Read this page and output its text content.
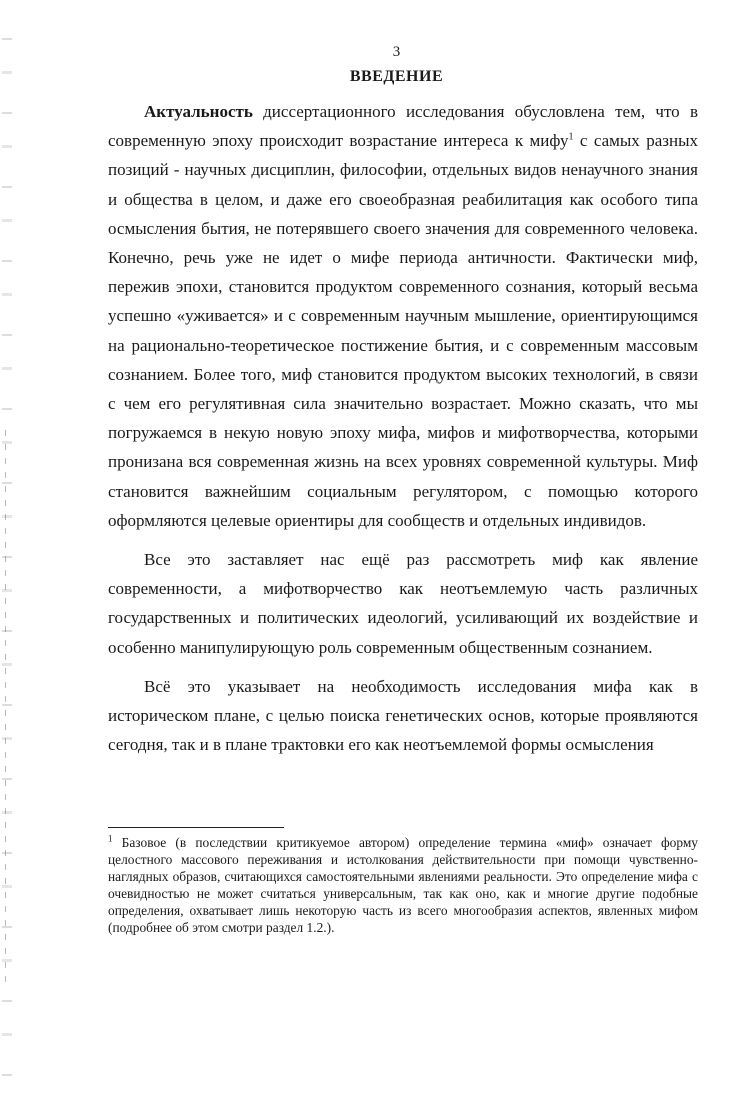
3
ВВЕДЕНИЕ

Актуальность диссертационного исследования обусловлена тем, что в современную эпоху происходит возрастание интереса к мифу$^1$ с самых разных позиций - научных дисциплин, философии, отдельных видов ненаучного знания и общества в целом, и даже его своеобразная реабилитация как особого типа осмысления бытия, не потерявшего своего значения для современного человека. Конечно, речь уже не идет о мифе периода античности. Фактически миф, пережив эпохи, становится продуктом современного сознания, который весьма успешно «уживается» и с современным научным мышление, ориентирующимся на рационально-теоретическое постижение бытия, и с современным массовым сознанием. Более того, миф становится продуктом высоких технологий, в связи с чем его регулятивная сила значительно возрастает. Можно сказать, что мы погружаемся в некую новую эпоху мифа, мифов и мифотворчества, которыми пронизана вся современная жизнь на всех уровнях современной культуры. Миф становится важнейшим социальным регулятором, с помощью которого оформляются целевые ориентиры для сообществ и отдельных индивидов.

Все это заставляет нас ещё раз рассмотреть миф как явление современности, а мифотворчество как неотъемлемую часть различных государственных и политических идеологий, усиливающий их воздействие и особенно манипулирующую роль современным общественным сознанием.

Всё это указывает на необходимость исследования мифа как в историческом плане, с целью поиска генетических основ, которые проявляются сегодня, так и в плане трактовки его как неотъемлемой формы осмысления

$^1$ Базовое (в последствии критикуемое автором) определение термина «миф» означает форму целостного массового переживания и истолкования действительности при помощи чувственно-наглядных образов, считающихся самостоятельными явлениями реальности. Это определение мифа с очевидностью не может считаться универсальным, так как оно, как и многие другие подобные определения, охватывает лишь некоторую часть из всего многообразия аспектов, явленных мифом (подробнее об этом смотри раздел 1.2.).
